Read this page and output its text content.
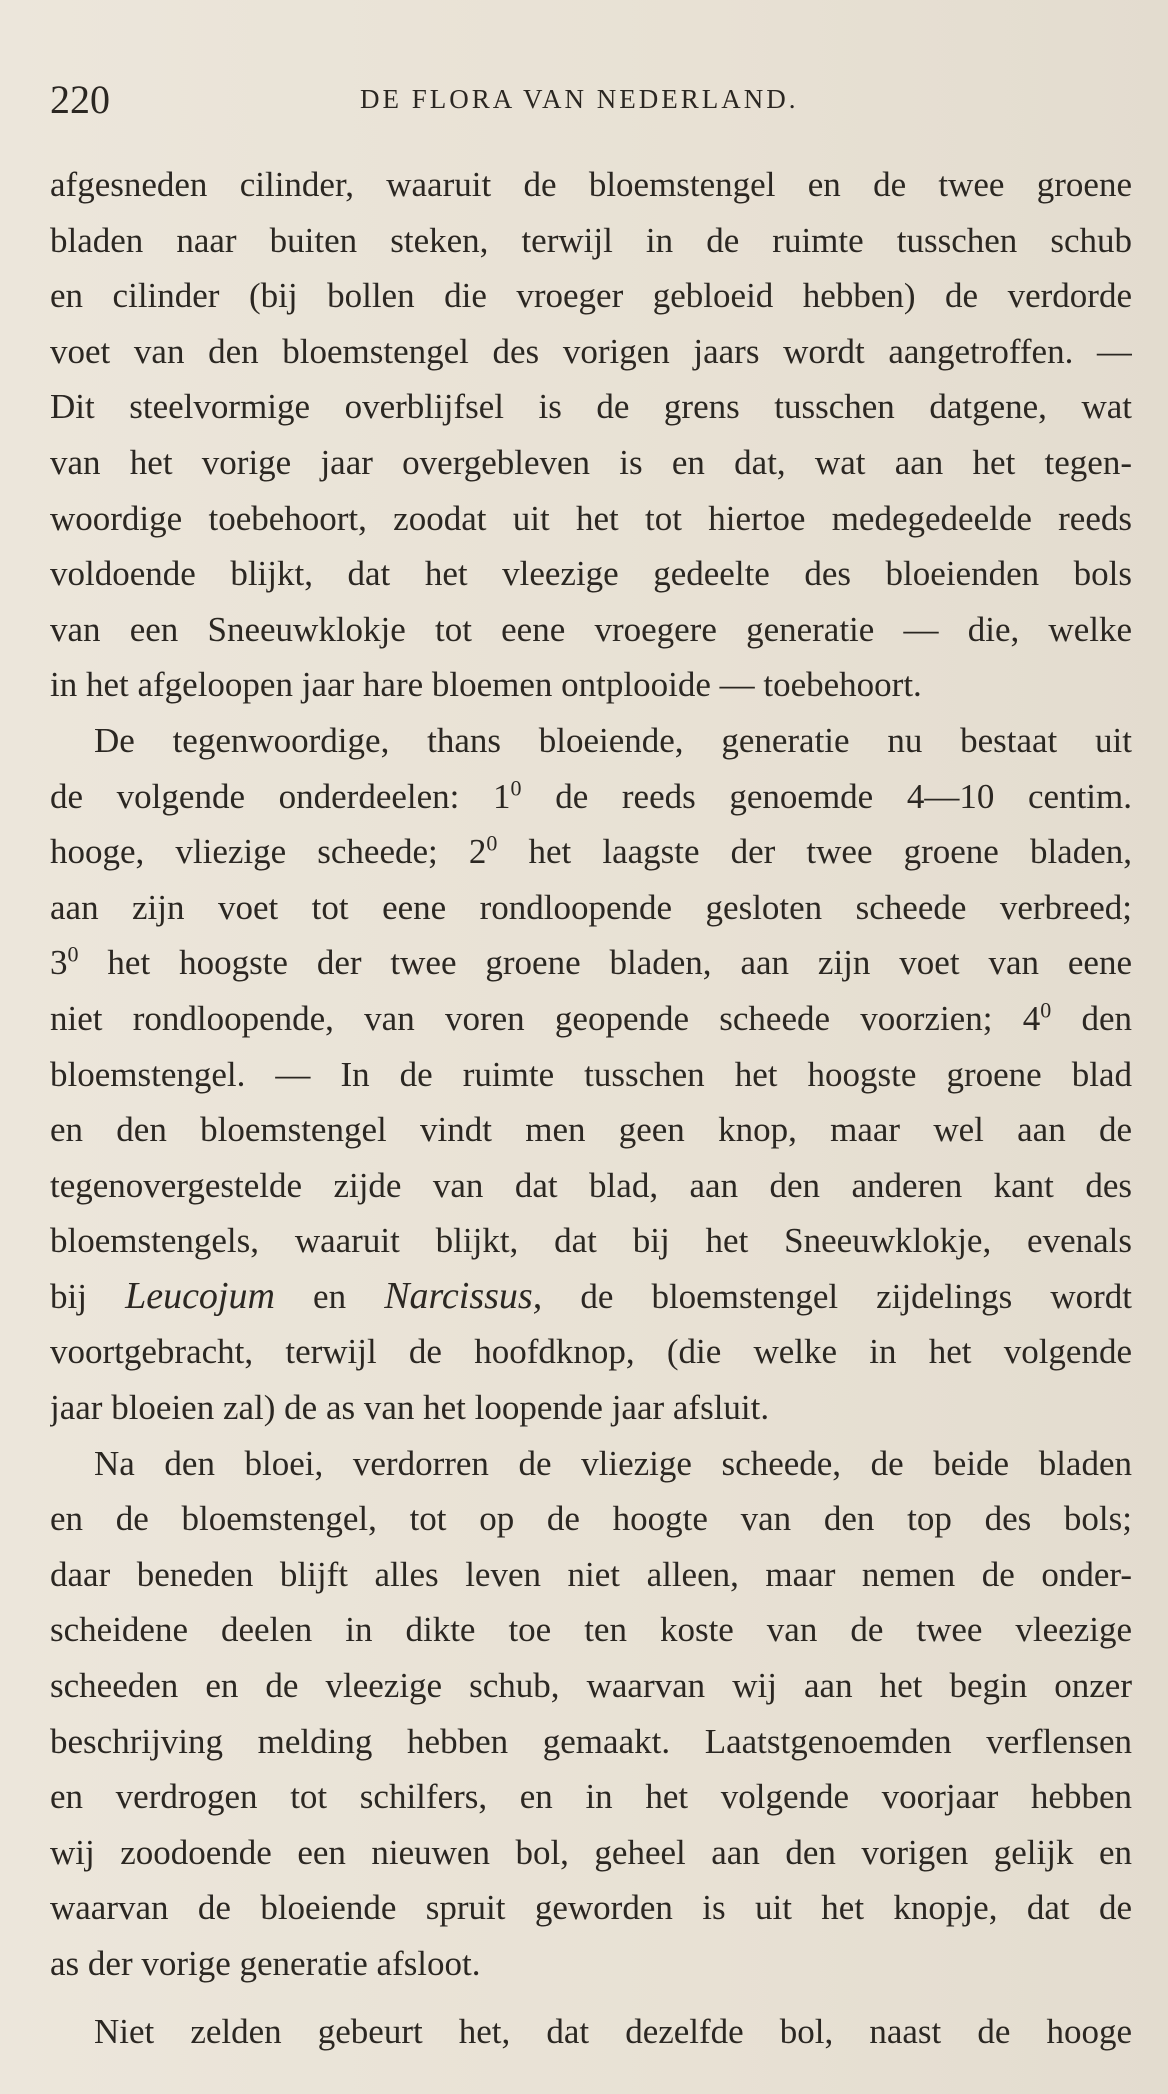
220	DE FLORA VAN NEDERLAND.
afgesneden cilinder, waaruit de bloemstengel en de twee groene
bladen naar buiten steken, terwijl in de ruimte tusschen schub
en cilinder (bij bollen die vroeger gebloeid hebben) de verdorde
voet van den bloemstengel des vorigen jaars wordt aangetroffen. —
Dit steelvormige overblijfsel is de grens tusschen datgene, wat
van het vorige jaar overgebleven is en dat, wat aan het tegen-
woordige toebehoort, zoodat uit het tot hiertoe medegedeelde reeds
voldoende blijkt, dat het vleezige gedeelte des bloeienden bols
van een Sneeuwklokje tot eene vroegere generatie — die, welke
in het afgeloopen jaar hare bloemen ontplooide — toebehoort.
De tegenwoordige, thans bloeiende, generatie nu bestaat uit
de volgende onderdeelen: $1^0$ de reeds genoemde 4—10 centim.
hooge, vliezige scheede; $2^0$ het laagste der twee groene bladen,
aan zijn voet tot eene rondloopende gesloten scheede verbreed;
$3^0$ het hoogste der twee groene bladen, aan zijn voet van eene
niet rondloopende, van voren geopende scheede voorzien; $4^0$ den
bloemstengel. — In de ruimte tusschen het hoogste groene blad
en den bloemstengel vindt men geen knop, maar wel aan de
tegenovergestelde zijde van dat blad, aan den anderen kant des
bloemstengels, waaruit blijkt, dat bij het Sneeuwklokje, evenals
bij Leucojum en Narcissus, de bloemstengel zijdelings wordt
voortgebracht, terwijl de hoofdknop, (die welke in het volgende
jaar bloeien zal) de as van het loopende jaar afsluit.
Na den bloei, verdorren de vliezige scheede, de beide bladen
en de bloemstengel, tot op de hoogte van den top des bols;
daar beneden blijft alles leven niet alleen, maar nemen de onder-
scheidene deelen in dikte toe ten koste van de twee vleezige
scheeden en de vleezige schub, waarvan wij aan het begin onzer
beschrijving melding hebben gemaakt. Laatstgenoemden verflensen
en verdrogen tot schilfers, en in het volgende voorjaar hebben
wij zoodoende een nieuwen bol, geheel aan den vorigen gelijk en
waarvan de bloeiende spruit geworden is uit het knopje, dat de
as der vorige generatie afsloot.
Niet zelden gebeurt het, dat dezelfde bol, naast de hooge
